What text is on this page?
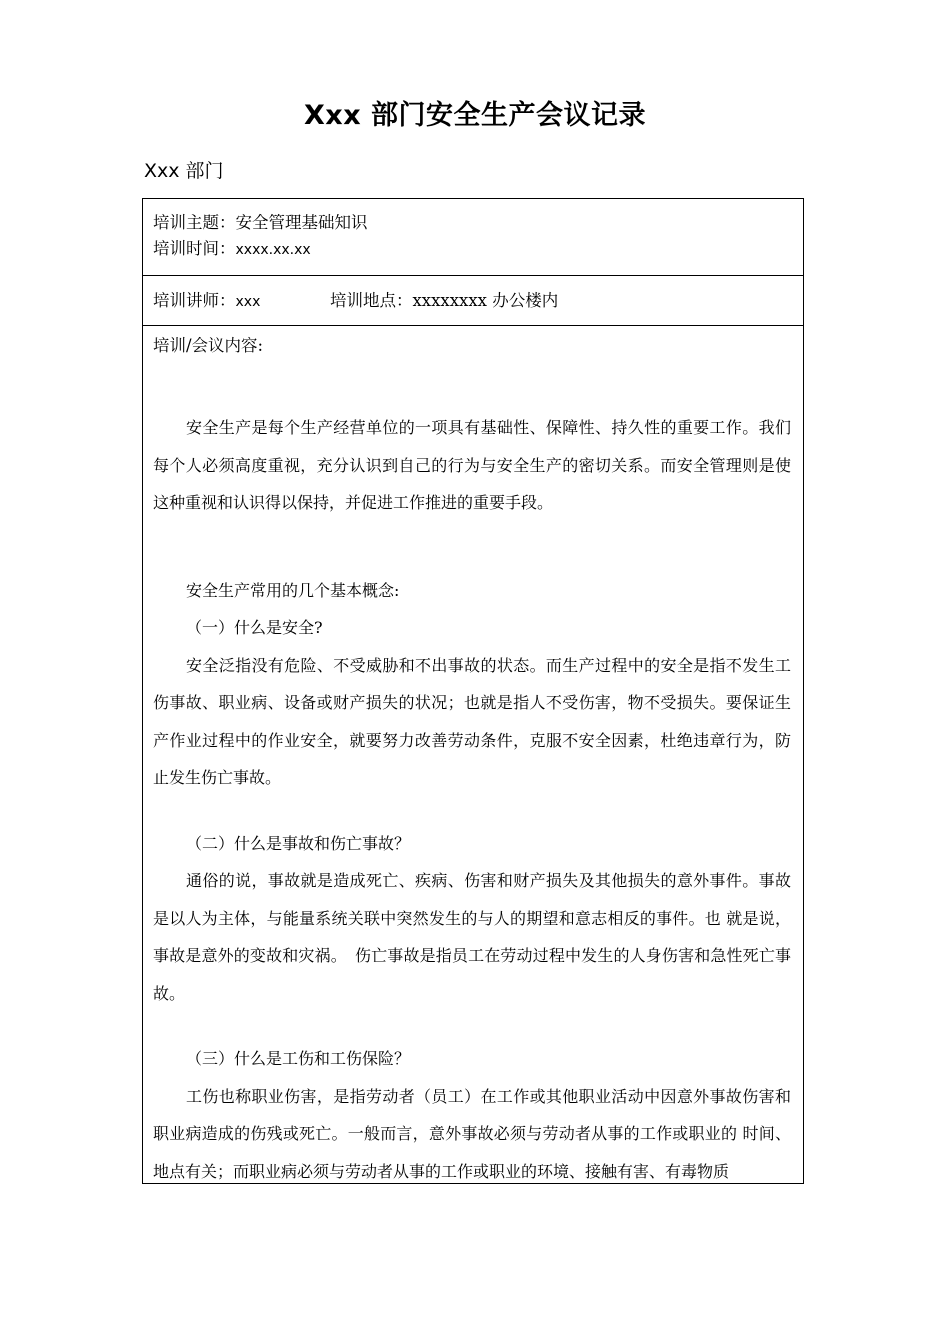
Xxx 部门安全生产会议记录
Xxx 部门
培训主题：安全管理基础知识
培训时间：xxxx.xx.xx
培训讲师：xxx	培训地点：xxxxxxxx 办公楼内

培训/会议内容:

安全生产是每个生产经营单位的一项具有基础性、保障性、持久性的重要工作。我们每个人必须高度重视，充分认识到自己的行为与安全生产的密切关系。而安全管理则是使这种重视和认识得以保持，并促进工作推进的重要手段。

安全生产常用的几个基本概念:

（一）什么是安全?

安全泛指没有危险、不受威胁和不出事故的状态。而生产过程中的安全是指不发生工伤事故、职业病、设备或财产损失的状况；也就是指人不受伤害，物不受损失。要保证生产作业过程中的作业安全，就要努力改善劳动条件，克服不安全因素，杜绝违章行为，防止发生伤亡事故。

（二）什么是事故和伤亡事故？

通俗的说，事故就是造成死亡、疾病、伤害和财产损失及其他损失的意外事件。事故是以人为主体，与能量系统关联中突然发生的与人的期望和意志相反的事件。也 就是说，事故是意外的变故和灾祸。　伤亡事故是指员工在劳动过程中发生的人身伤害和急性死亡事故。

（三）什么是工伤和工伤保险？

工伤也称职业伤害，是指劳动者（员工）在工作或其他职业活动中因意外事故伤害和职业病造成的伤残或死亡。一般而言，意外事故必须与劳动者从事的工作或职业的 时间、地点有关；而职业病必须与劳动者从事的工作或职业的环境、接触有害、有毒物质
